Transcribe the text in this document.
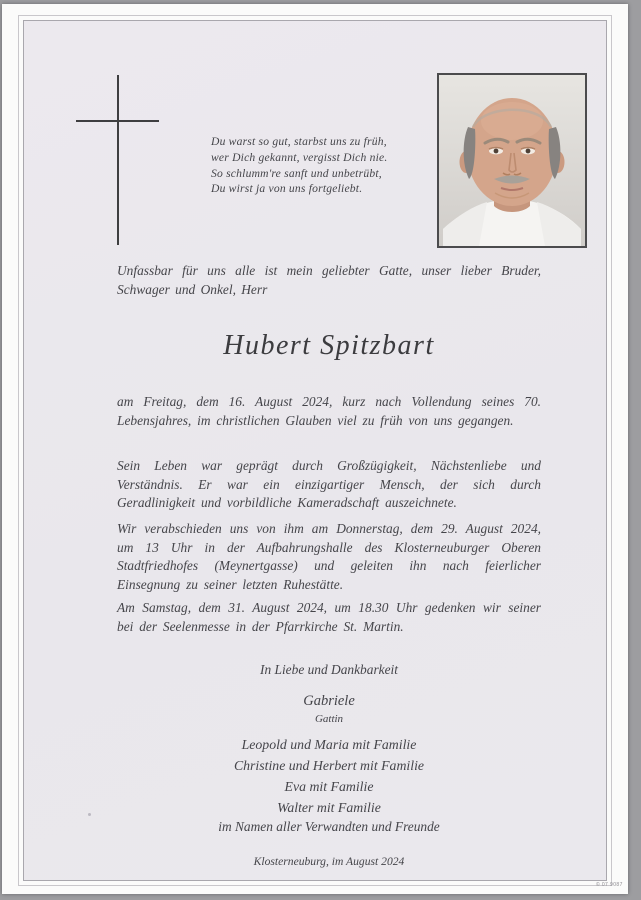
Du warst so gut, starbst uns zu früh,
wer Dich gekannt, vergisst Dich nie.
So schlumm're sanft und unbetrübt,
Du wirst ja von uns fortgeliebt.
Unfassbar für uns alle ist mein geliebter Gatte, unser lieber Bruder, Schwager und Onkel, Herr
Hubert Spitzbart
am Freitag, dem 16. August 2024, kurz nach Vollendung seines 70. Lebensjahres, im christlichen Glauben viel zu früh von uns gegangen.
Sein Leben war geprägt durch Großzügigkeit, Nächstenliebe und Verständnis. Er war ein einzigartiger Mensch, der sich durch Geradlinigkeit und vorbildliche Kameradschaft auszeichnete.
Wir verabschieden uns von ihm am Donnerstag, dem 29. August 2024, um 13 Uhr in der Aufbahrungshalle des Klosterneuburger Oberen Stadtfriedhofes (Meynertgasse) und geleiten ihn nach feierlicher Einsegnung zu seiner letzten Ruhestätte.
Am Samstag, dem 31. August 2024, um 18.30 Uhr gedenken wir seiner bei der Seelenmesse in der Pfarrkirche St. Martin.
In Liebe und Dankbarkeit
Gabriele
Gattin
Leopold und Maria mit Familie
Christine und Herbert mit Familie
Eva mit Familie
Walter mit Familie
im Namen aller Verwandten und Freunde
Klosterneuburg, im August 2024
© 07 9087
